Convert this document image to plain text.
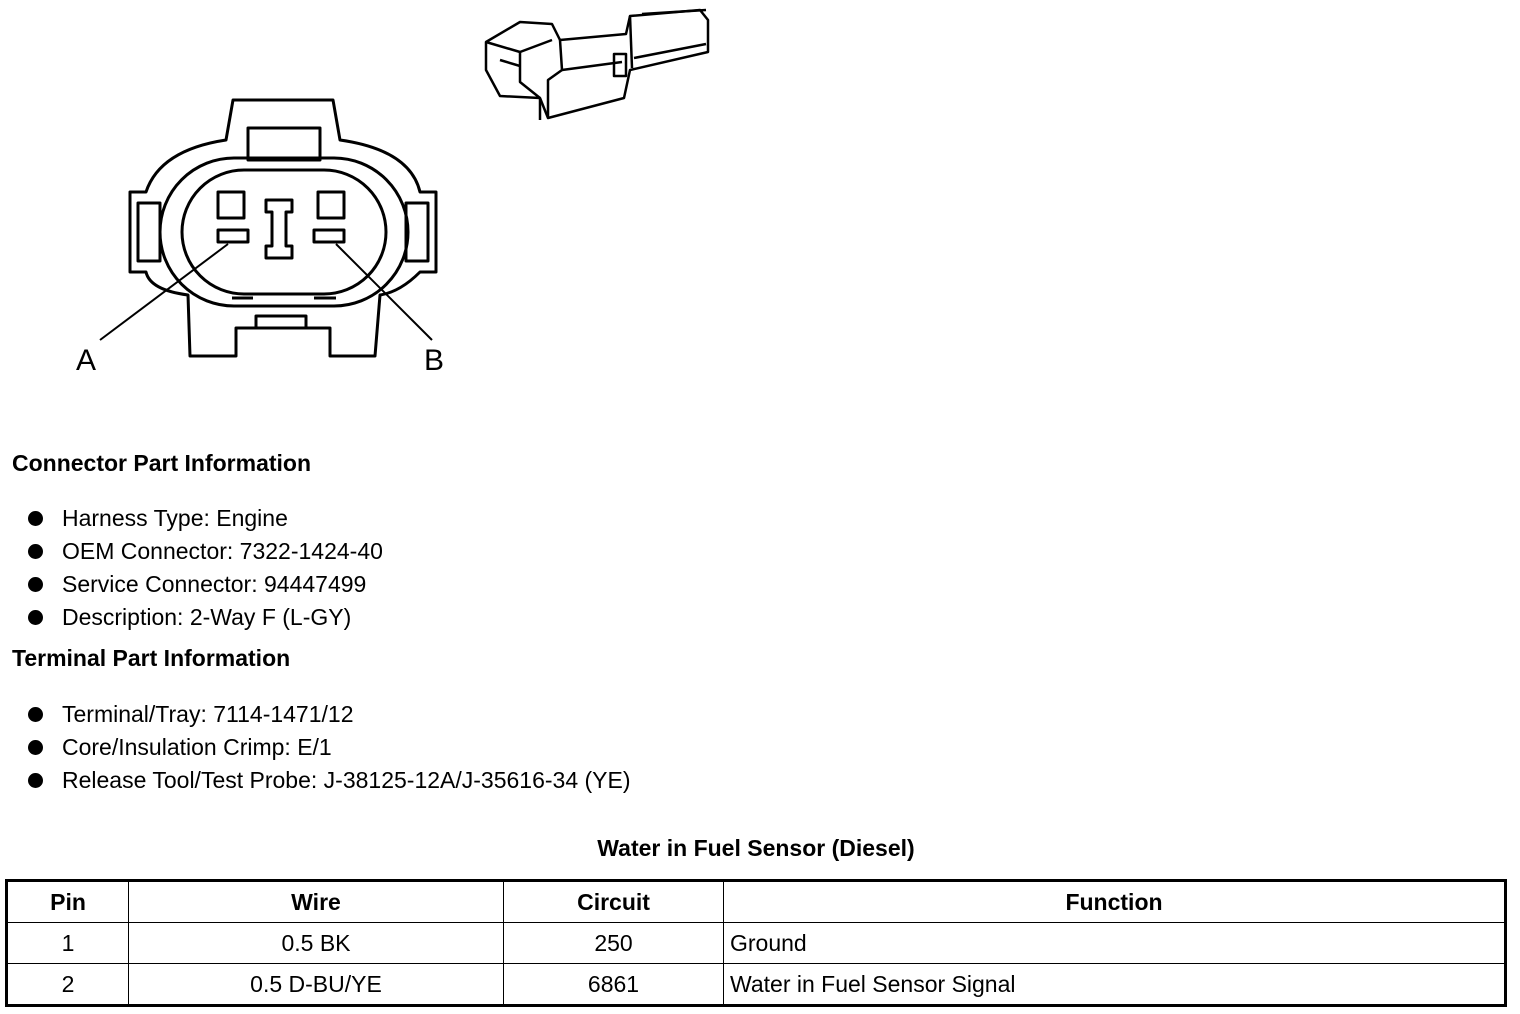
A	B
Connector Part Information
Harness Type: Engine
OEM Connector: 7322-1424-40
Service Connector: 94447499
Description: 2-Way F (L-GY)
Terminal Part Information
Terminal/Tray: 7114-1471/12
Core/Insulation Crimp: E/1
Release Tool/Test Probe: J-38125-12A/J-35616-34 (YE)
Water in Fuel Sensor (Diesel)
Pin	Wire	Circuit	Function
1	0.5 BK	250	Ground
2	0.5 D-BU/YE	6861	Water in Fuel Sensor Signal
